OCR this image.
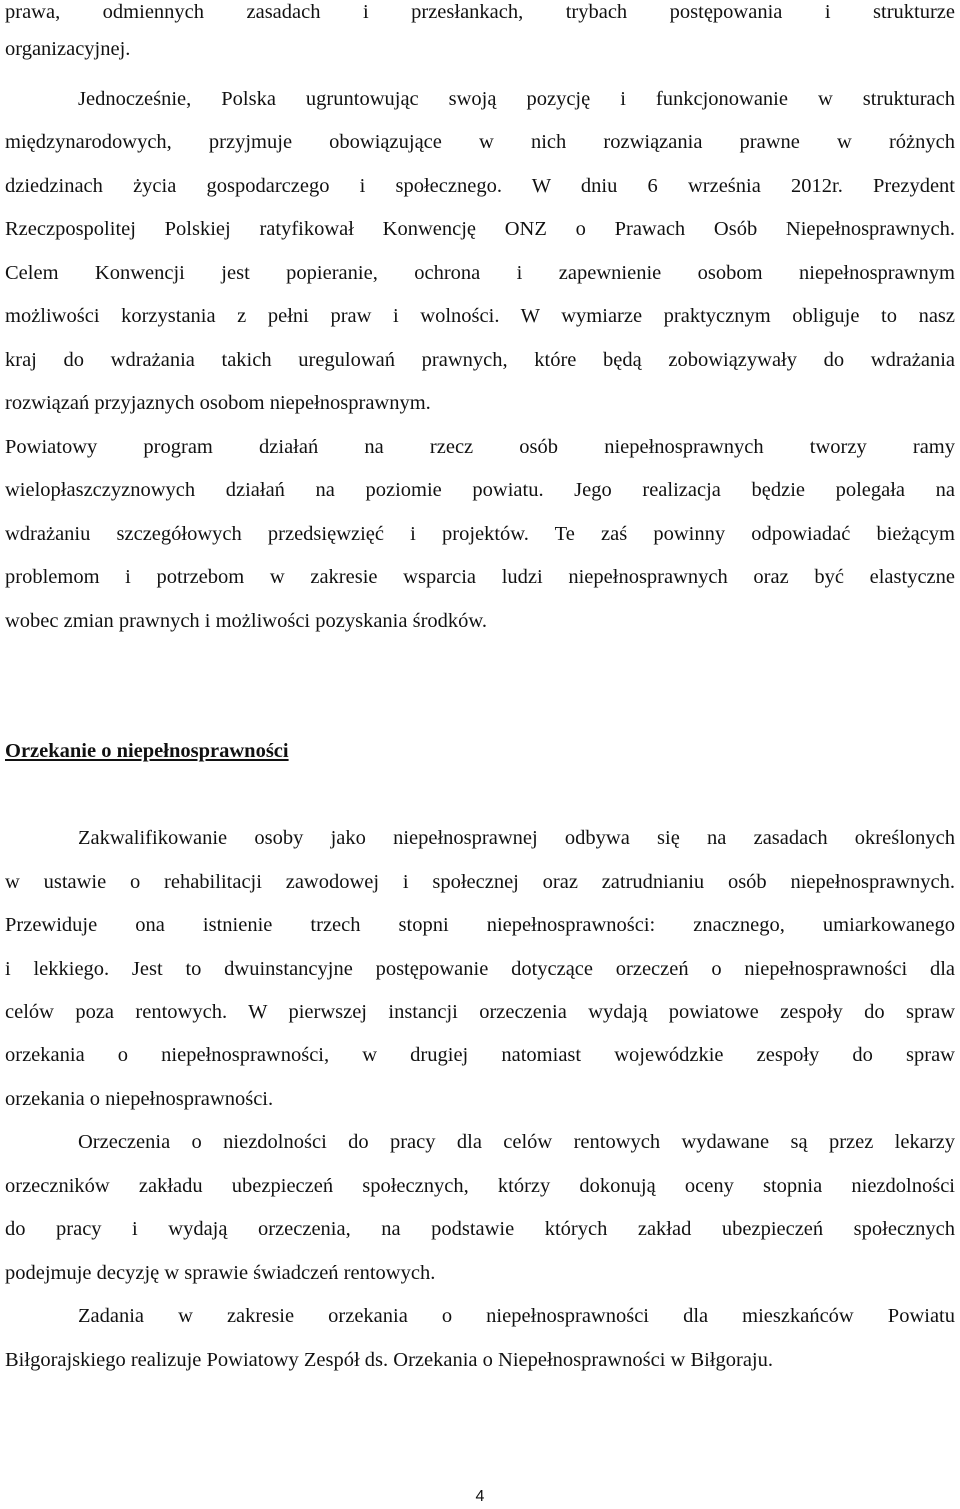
prawa, odmiennych zasadach i przesłankach, trybach postępowania i strukturze
organizacyjnej.
Jednocześnie, Polska ugruntowując swoją pozycję i funkcjonowanie w strukturach
międzynarodowych, przyjmuje obowiązujące w nich rozwiązania prawne w różnych
dziedzinach życia gospodarczego i społecznego. W dniu 6 września 2012r. Prezydent
Rzeczpospolitej Polskiej ratyfikował Konwencję ONZ o Prawach Osób Niepełnosprawnych.
Celem Konwencji jest popieranie, ochrona i zapewnienie osobom niepełnosprawnym
możliwości korzystania z pełni praw i wolności. W wymiarze praktycznym obliguje to nasz
kraj do wdrażania takich uregulowań prawnych, które będą zobowiązywały do wdrażania
rozwiązań przyjaznych osobom niepełnosprawnym.
Powiatowy program działań na rzecz osób niepełnosprawnych tworzy ramy
wielopłaszczyznowych działań na poziomie powiatu. Jego realizacja będzie polegała na
wdrażaniu szczegółowych przedsięwzięć i projektów. Te zaś powinny odpowiadać bieżącym
problemom i potrzebom w zakresie wsparcia ludzi niepełnosprawnych oraz być elastyczne
wobec zmian prawnych i możliwości pozyskania środków.
Orzekanie o niepełnosprawności
Zakwalifikowanie osoby jako niepełnosprawnej odbywa się na zasadach określonych
w ustawie o rehabilitacji zawodowej i społecznej oraz zatrudnianiu osób niepełnosprawnych.
Przewiduje ona istnienie trzech stopni niepełnosprawności: znacznego, umiarkowanego
i lekkiego. Jest to dwuinstancyjne postępowanie dotyczące orzeczeń o niepełnosprawności dla
celów poza rentowych. W pierwszej instancji orzeczenia wydają powiatowe zespoły do spraw
orzekania o niepełnosprawności, w drugiej natomiast wojewódzkie zespoły do spraw
orzekania o niepełnosprawności.
Orzeczenia o niezdolności do pracy dla celów rentowych wydawane są przez lekarzy
orzeczników zakładu ubezpieczeń społecznych, którzy dokonują oceny stopnia niezdolności
do pracy i wydają orzeczenia, na podstawie których zakład ubezpieczeń społecznych
podejmuje decyzję w sprawie świadczeń rentowych.
Zadania w zakresie orzekania o niepełnosprawności dla mieszkańców Powiatu
Biłgorajskiego realizuje Powiatowy Zespół ds. Orzekania o Niepełnosprawności w Biłgoraju.
4
